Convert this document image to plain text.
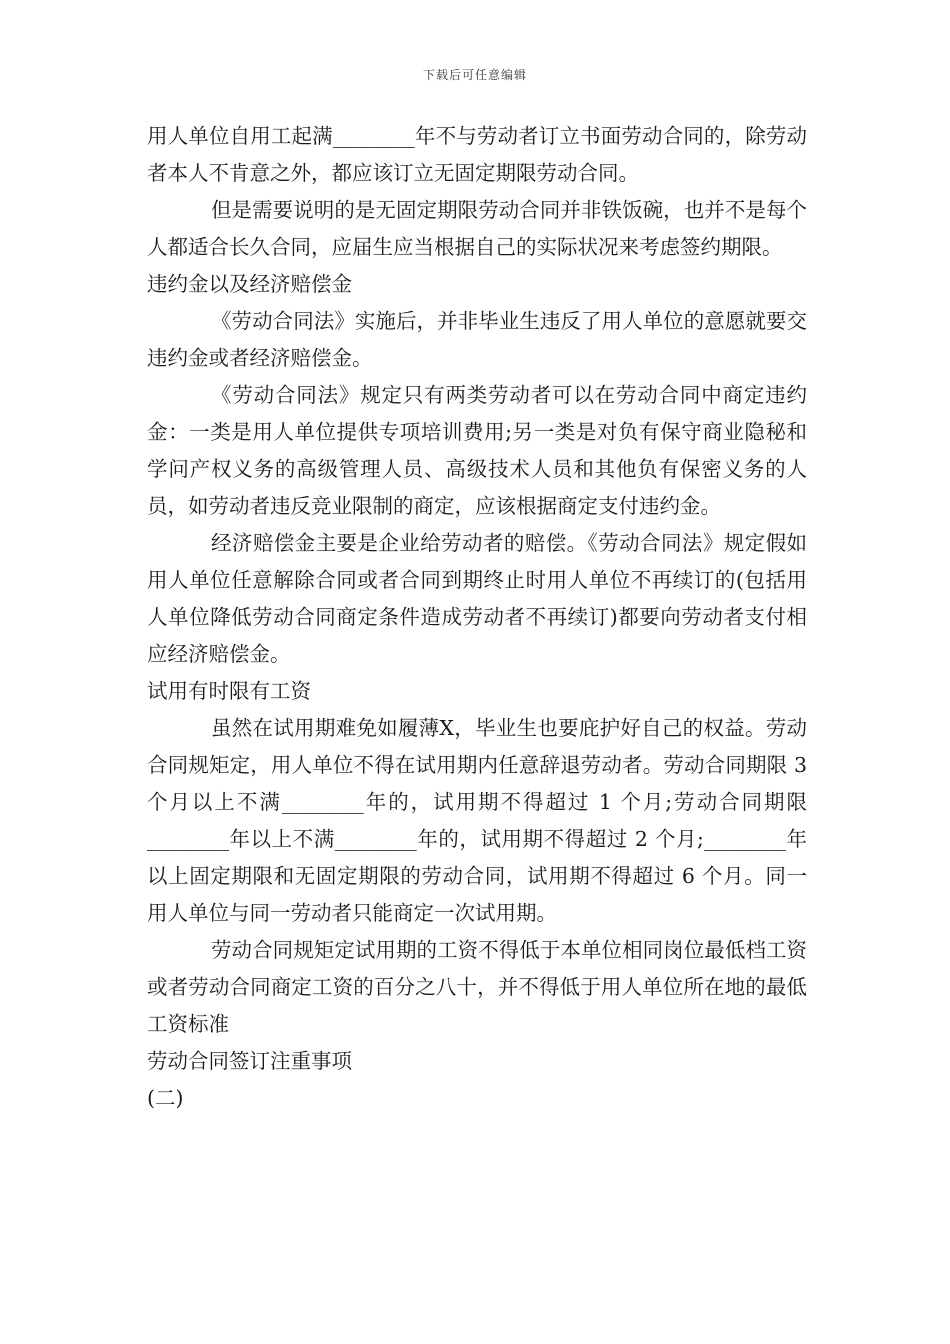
下载后可任意编辑

用人单位自用工起满________年不与劳动者订立书面劳动合同的，除劳动者本人不肯意之外，都应该订立无固定期限劳动合同。

但是需要说明的是无固定期限劳动合同并非铁饭碗，也并不是每个人都适合长久合同，应届生应当根据自己的实际状况来考虑签约期限。

违约金以及经济赔偿金

《劳动合同法》实施后，并非毕业生违反了用人单位的意愿就要交违约金或者经济赔偿金。

《劳动合同法》规定只有两类劳动者可以在劳动合同中商定违约金：一类是用人单位提供专项培训费用;另一类是对负有保守商业隐秘和学问产权义务的高级管理人员、高级技术人员和其他负有保密义务的人员，如劳动者违反竞业限制的商定，应该根据商定支付违约金。

经济赔偿金主要是企业给劳动者的赔偿。《劳动合同法》规定假如用人单位任意解除合同或者合同到期终止时用人单位不再续订的(包括用人单位降低劳动合同商定条件造成劳动者不再续订)都要向劳动者支付相应经济赔偿金。

试用有时限有工资

虽然在试用期难免如履薄X，毕业生也要庇护好自己的权益。劳动合同规矩定，用人单位不得在试用期内任意辞退劳动者。劳动合同期限 3 个月以上不满________年的，试用期不得超过 1 个月;劳动合同期限________年以上不满________年的，试用期不得超过 2 个月;________年以上固定期限和无固定期限的劳动合同，试用期不得超过 6 个月。同一用人单位与同一劳动者只能商定一次试用期。

劳动合同规矩定试用期的工资不得低于本单位相同岗位最低档工资或者劳动合同商定工资的百分之八十，并不得低于用人单位所在地的最低工资标准

劳动合同签订注重事项

(二)
